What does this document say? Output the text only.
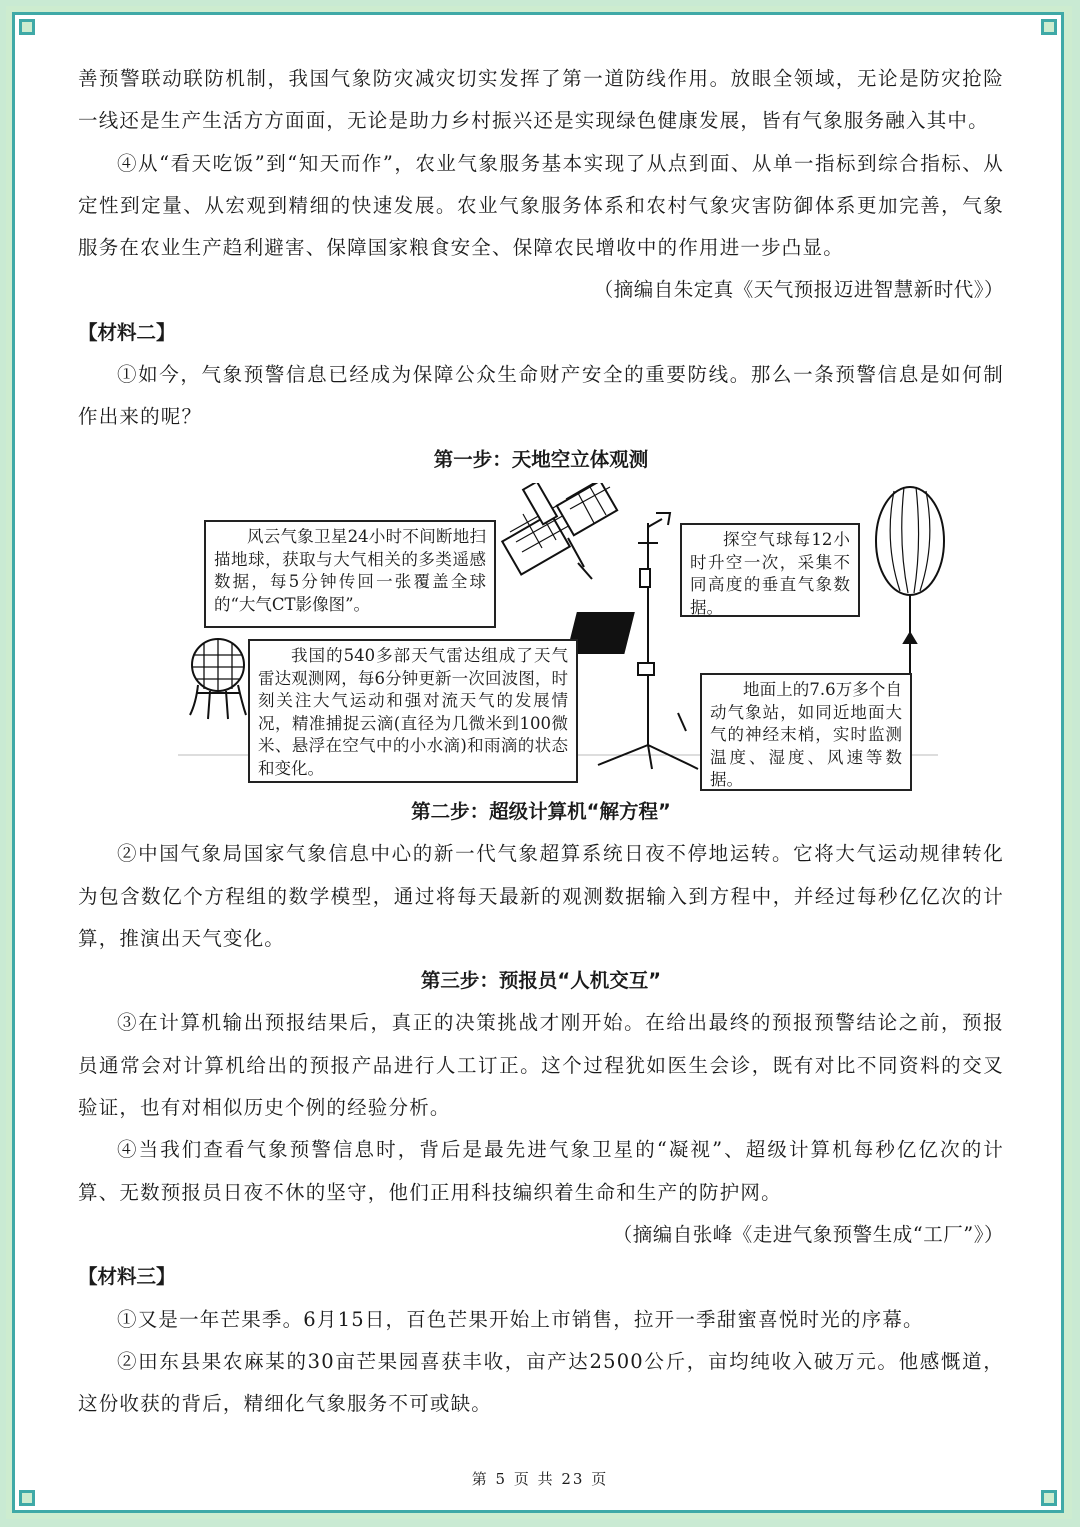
善预警联动联防机制，我国气象防灾减灾切实发挥了第一道防线作用。放眼全领域，无论是防灾抢险一线还是生产生活方方面面，无论是助力乡村振兴还是实现绿色健康发展，皆有气象服务融入其中。

④从“看天吃饭”到“知天而作”，农业气象服务基本实现了从点到面、从单一指标到综合指标、从定性到定量、从宏观到精细的快速发展。农业气象服务体系和农村气象灾害防御体系更加完善，气象服务在农业生产趋利避害、保障国家粮食安全、保障农民增收中的作用进一步凸显。

（摘编自朱定真《天气预报迈进智慧新时代》）

【材料二】

①如今，气象预警信息已经成为保障公众生命财产安全的重要防线。那么一条预警信息是如何制作出来的呢？

第一步：天地空立体观测
风云气象卫星24小时不间断地扫描地球，获取与大气相关的多类遥感数据，每5分钟传回一张覆盖全球的“大气CT影像图”。
探空气球每12小时升空一次，采集不同高度的垂直气象数据。
我国的540多部天气雷达组成了天气雷达观测网，每6分钟更新一次回波图，时刻关注大气运动和强对流天气的发展情况，精准捕捉云滴(直径为几微米到100微米、悬浮在空气中的小水滴)和雨滴的状态和变化。
地面上的7.6万多个自动气象站，如同近地面大气的神经末梢，实时监测温度、湿度、风速等数据。
第二步：超级计算机“解方程”

②中国气象局国家气象信息中心的新一代气象超算系统日夜不停地运转。它将大气运动规律转化为包含数亿个方程组的数学模型，通过将每天最新的观测数据输入到方程中，并经过每秒亿亿次的计算，推演出天气变化。

第三步：预报员“人机交互”

③在计算机输出预报结果后，真正的决策挑战才刚开始。在给出最终的预报预警结论之前，预报员通常会对计算机给出的预报产品进行人工订正。这个过程犹如医生会诊，既有对比不同资料的交叉验证，也有对相似历史个例的经验分析。

④当我们查看气象预警信息时，背后是最先进气象卫星的“凝视”、超级计算机每秒亿亿次的计算、无数预报员日夜不休的坚守，他们正用科技编织着生命和生产的防护网。

（摘编自张峰《走进气象预警生成“工厂”》）

【材料三】

①又是一年芒果季。6月15日，百色芒果开始上市销售，拉开一季甜蜜喜悦时光的序幕。

②田东县果农麻某的30亩芒果园喜获丰收，亩产达2500公斤，亩均纯收入破万元。他感慨道，这份收获的背后，精细化气象服务不可或缺。

第 5 页 共 23 页
